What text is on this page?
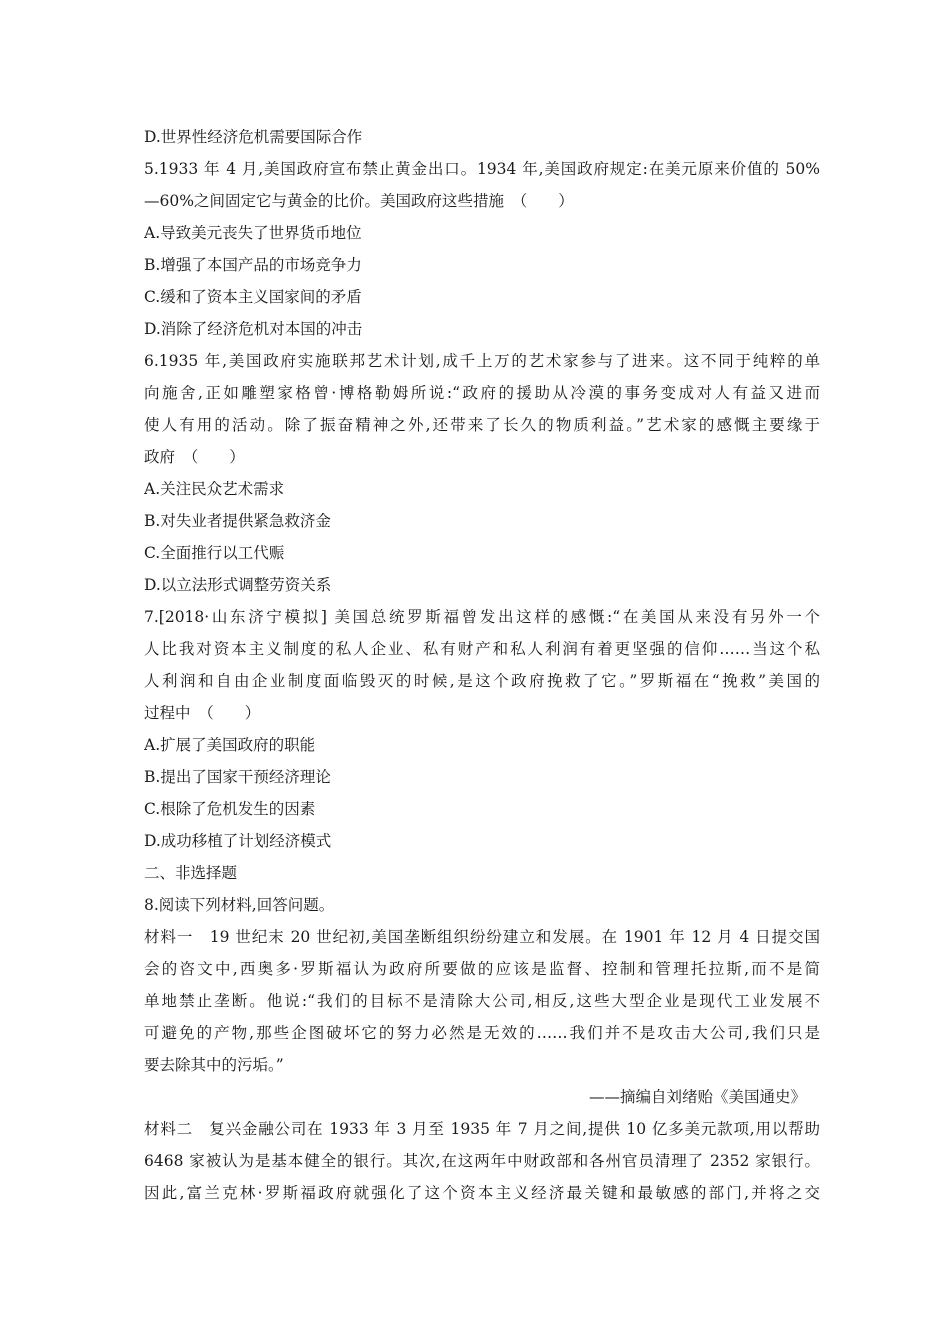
D.世界性经济危机需要国际合作
5.1933 年 4 月,美国政府宣布禁止黄金出口。1934 年,美国政府规定:在美元原来价值的 50%
—60%之间固定它与黄金的比价。美国政府这些措施　（　　）
A.导致美元丧失了世界货币地位
B.增强了本国产品的市场竞争力
C.缓和了资本主义国家间的矛盾
D.消除了经济危机对本国的冲击
6.1935 年,美国政府实施联邦艺术计划,成千上万的艺术家参与了进来。这不同于纯粹的单
向施舍,正如雕塑家格曾·博格勒姆所说:“政府的援助从冷漠的事务变成对人有益又进而
使人有用的活动。除了振奋精神之外,还带来了长久的物质利益。”艺术家的感慨主要缘于
政府　（　　）
A.关注民众艺术需求
B.对失业者提供紧急救济金
C.全面推行以工代赈
D.以立法形式调整劳资关系
7.[2018·山东济宁模拟] 美国总统罗斯福曾发出这样的感慨:“在美国从来没有另外一个
人比我对资本主义制度的私人企业、私有财产和私人利润有着更坚强的信仰……当这个私
人利润和自由企业制度面临毁灭的时候,是这个政府挽救了它。”罗斯福在“挽救”美国的
过程中　（　　）
A.扩展了美国政府的职能
B.提出了国家干预经济理论
C.根除了危机发生的因素
D.成功移植了计划经济模式
二、非选择题
8.阅读下列材料,回答问题。
材料一　19 世纪末 20 世纪初,美国垄断组织纷纷建立和发展。在 1901 年 12 月 4 日提交国
会的咨文中,西奥多·罗斯福认为政府所要做的应该是监督、控制和管理托拉斯,而不是简
单地禁止垄断。他说:“我们的目标不是清除大公司,相反,这些大型企业是现代工业发展不
可避免的产物,那些企图破坏它的努力必然是无效的……我们并不是攻击大公司,我们只是
要去除其中的污垢。”
——摘编自刘绪贻《美国通史》
材料二　复兴金融公司在 1933 年 3 月至 1935 年 7 月之间,提供 10 亿多美元款项,用以帮助
6468 家被认为是基本健全的银行。其次,在这两年中财政部和各州官员清理了 2352 家银行。
因此,富兰克林·罗斯福政府就强化了这个资本主义经济最关键和最敏感的部门,并将之交
